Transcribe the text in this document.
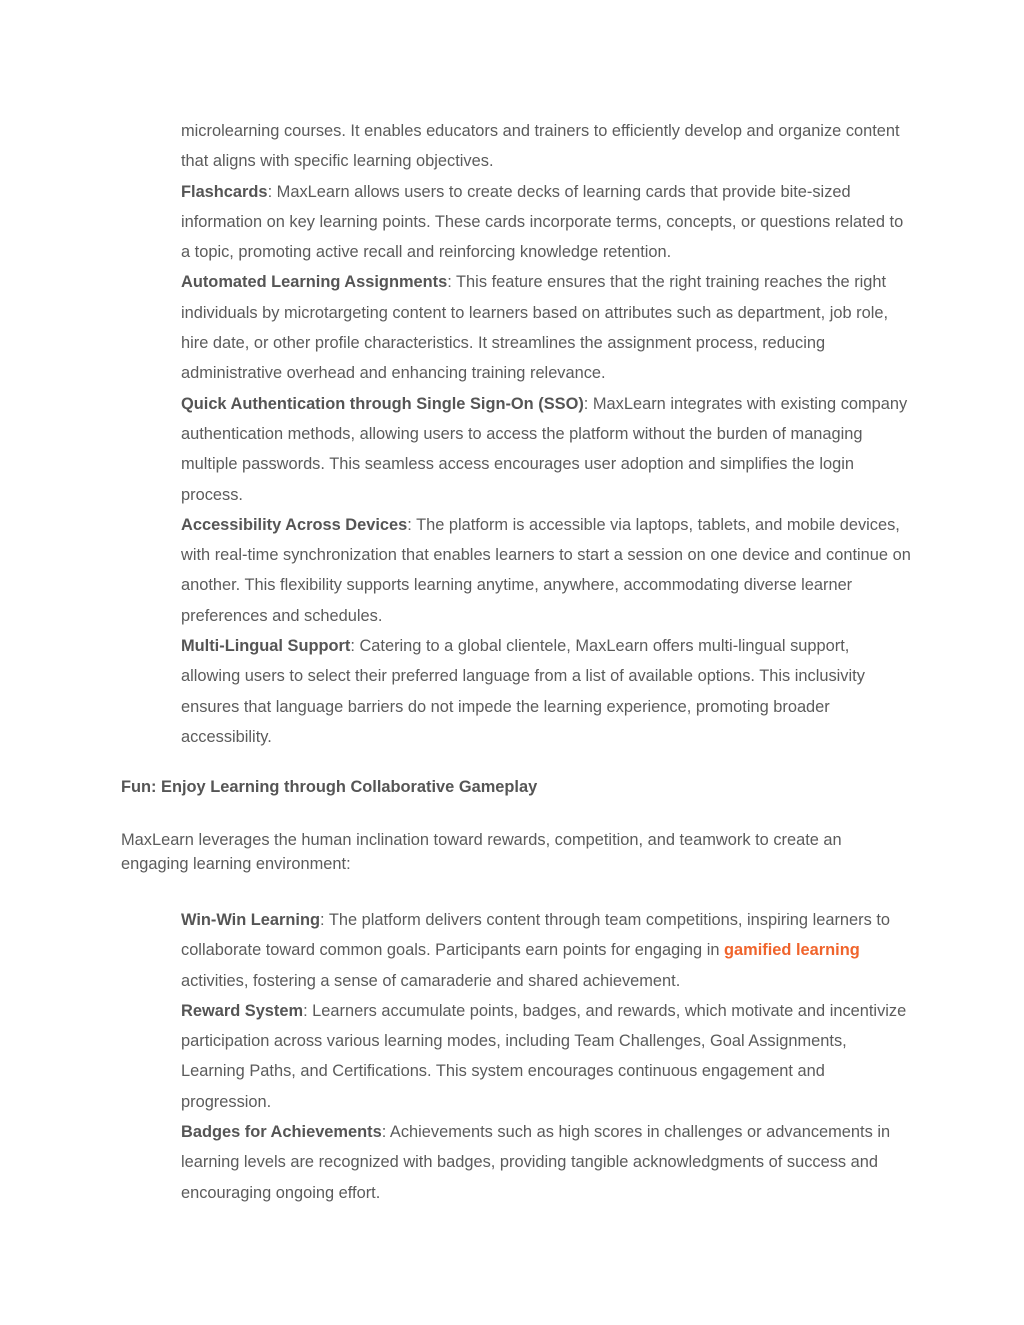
microlearning courses. It enables educators and trainers to efficiently develop and organize content that aligns with specific learning objectives.

Flashcards: MaxLearn allows users to create decks of learning cards that provide bite-sized information on key learning points. These cards incorporate terms, concepts, or questions related to a topic, promoting active recall and reinforcing knowledge retention.

Automated Learning Assignments: This feature ensures that the right training reaches the right individuals by microtargeting content to learners based on attributes such as department, job role, hire date, or other profile characteristics. It streamlines the assignment process, reducing administrative overhead and enhancing training relevance.

Quick Authentication through Single Sign-On (SSO): MaxLearn integrates with existing company authentication methods, allowing users to access the platform without the burden of managing multiple passwords. This seamless access encourages user adoption and simplifies the login process.

Accessibility Across Devices: The platform is accessible via laptops, tablets, and mobile devices, with real-time synchronization that enables learners to start a session on one device and continue on another. This flexibility supports learning anytime, anywhere, accommodating diverse learner preferences and schedules.

Multi-Lingual Support: Catering to a global clientele, MaxLearn offers multi-lingual support, allowing users to select their preferred language from a list of available options. This inclusivity ensures that language barriers do not impede the learning experience, promoting broader accessibility.

Fun: Enjoy Learning through Collaborative Gameplay

MaxLearn leverages the human inclination toward rewards, competition, and teamwork to create an engaging learning environment:

Win-Win Learning: The platform delivers content through team competitions, inspiring learners to collaborate toward common goals. Participants earn points for engaging in gamified learning activities, fostering a sense of camaraderie and shared achievement.

Reward System: Learners accumulate points, badges, and rewards, which motivate and incentivize participation across various learning modes, including Team Challenges, Goal Assignments, Learning Paths, and Certifications. This system encourages continuous engagement and progression.

Badges for Achievements: Achievements such as high scores in challenges or advancements in learning levels are recognized with badges, providing tangible acknowledgments of success and encouraging ongoing effort.
